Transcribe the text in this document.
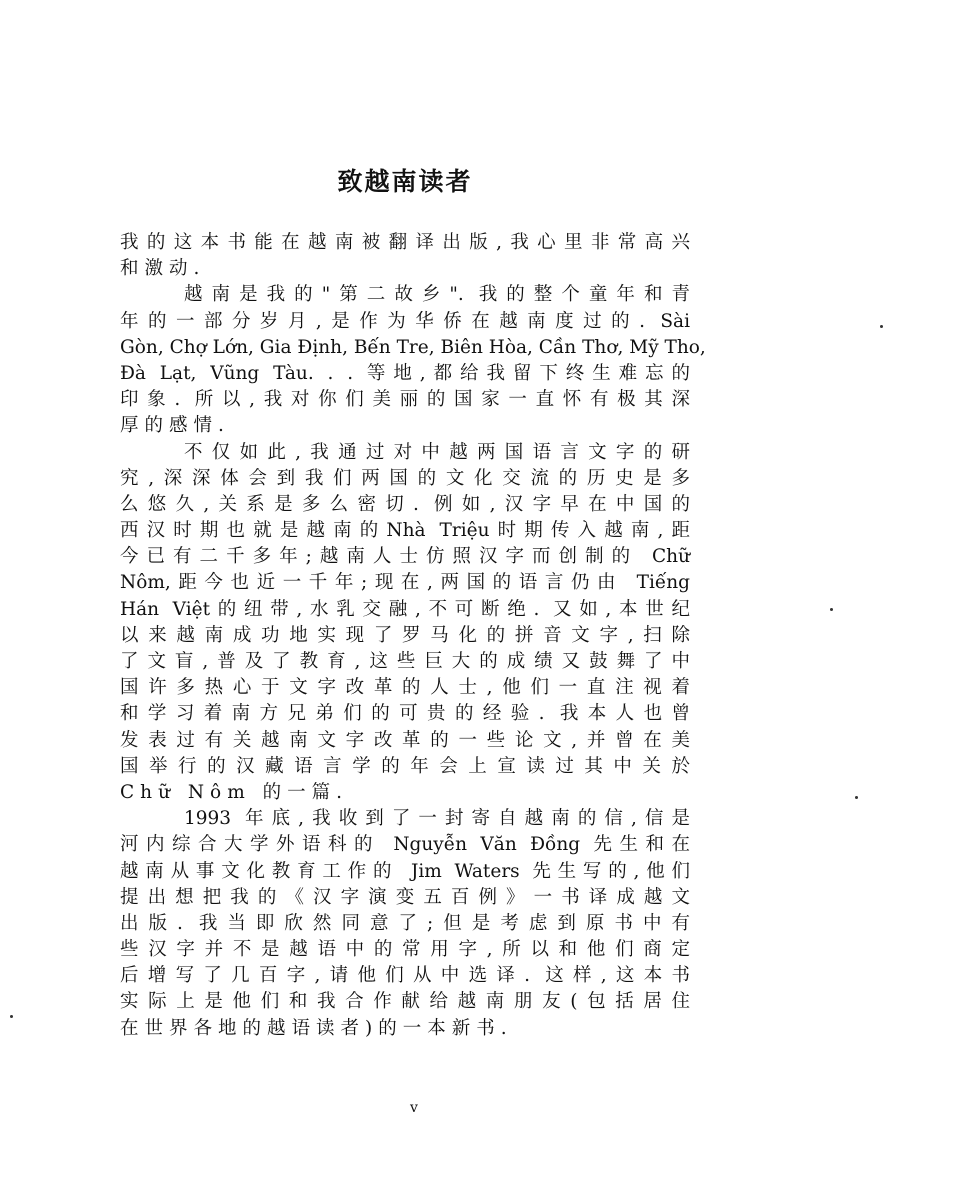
致越南读者
我的这本书能在越南被翻译出版,我心里非常高兴
和激动.
越南是我的"第二故乡". 我的整个童年和青
年的一部分岁月,是作为华侨在越南度过的. Sài
Gòn, Chợ Lớn, Gia Định, Bến Tre, Biên Hòa, Cần Thơ, Mỹ Tho,
Đà Lạt, Vũng Tàu. . . 等地,都给我留下终生难忘的
印象. 所以,我对你们美丽的国家一直怀有极其深
厚的感情.
不仅如此,我通过对中越两国语言文字的研
究,深深体会到我们两国的文化交流的历史是多
么悠久,关系是多么密切. 例如,汉字早在中国的
西汉时期也就是越南的Nhà Triệu时期传入越南,距
今已有二千多年;越南人士仿照汉字而创制的 Chữ
Nôm,距今也近一千年;现在,两国的语言仍由 Tiếng
Hán Việt的纽带,水乳交融,不可断绝. 又如,本世纪
以来越南成功地实现了罗马化的拼音文字,扫除
了文盲,普及了教育,这些巨大的成绩又鼓舞了中
国许多热心于文字改革的人士,他们一直注视着
和学习着南方兄弟们的可贵的经验. 我本人也曾
发表过有关越南文字改革的一些论文,并曾在美
国举行的汉藏语言学的年会上宣读过其中关於
Chữ Nôm 的一篇.
1993 年底,我收到了一封寄自越南的信,信是
河内综合大学外语科的 Nguyễn Văn Đồng 先生和在
越南从事文化教育工作的 Jim Waters 先生写的,他们
提出想把我的《汉字演变五百例》一书译成越文
出版. 我当即欣然同意了;但是考虑到原书中有
些汉字并不是越语中的常用字,所以和他们商定
后增写了几百字,请他们从中选译. 这样,这本书
实际上是他们和我合作献给越南朋友(包括居住
在世界各地的越语读者)的一本新书.
v
